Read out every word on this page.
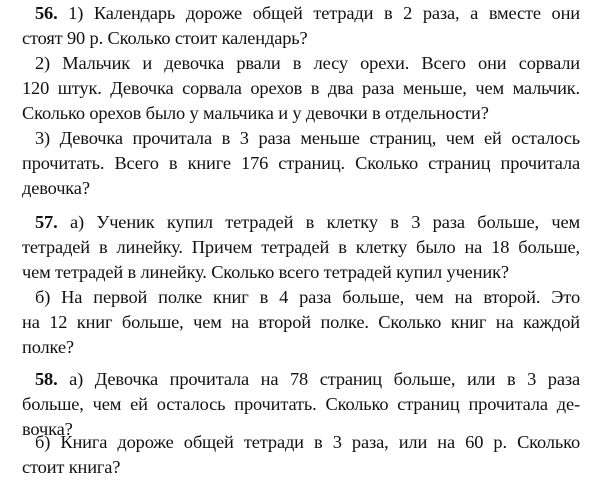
56. 1) Календарь дороже общей тетради в 2 раза, а вместе они
стоят 90 р. Сколько стоит календарь?
2) Мальчик и девочка рвали в лесу орехи. Всего они сорвали
120 штук. Девочка сорвала орехов в два раза меньше, чем мальчик.
Сколько орехов было у мальчика и у девочки в отдельности?
3) Девочка прочитала в 3 раза меньше страниц, чем ей осталось
прочитать. Всего в книге 176 страниц. Сколько страниц прочитала
девочка?
57. а) Ученик купил тетрадей в клетку в 3 раза больше, чем
тетрадей в линейку. Причем тетрадей в клетку было на 18 больше,
чем тетрадей в линейку. Сколько всего тетрадей купил ученик?
б) На первой полке книг в 4 раза больше, чем на второй. Это
на 12 книг больше, чем на второй полке. Сколько книг на каждой
полке?
58. а) Девочка прочитала на 78 страниц больше, или в 3 раза
больше, чем ей осталось прочитать. Сколько страниц прочитала де-
вочка?
б) Книга дороже общей тетради в 3 раза, или на 60 р. Сколько
стоит книга?
